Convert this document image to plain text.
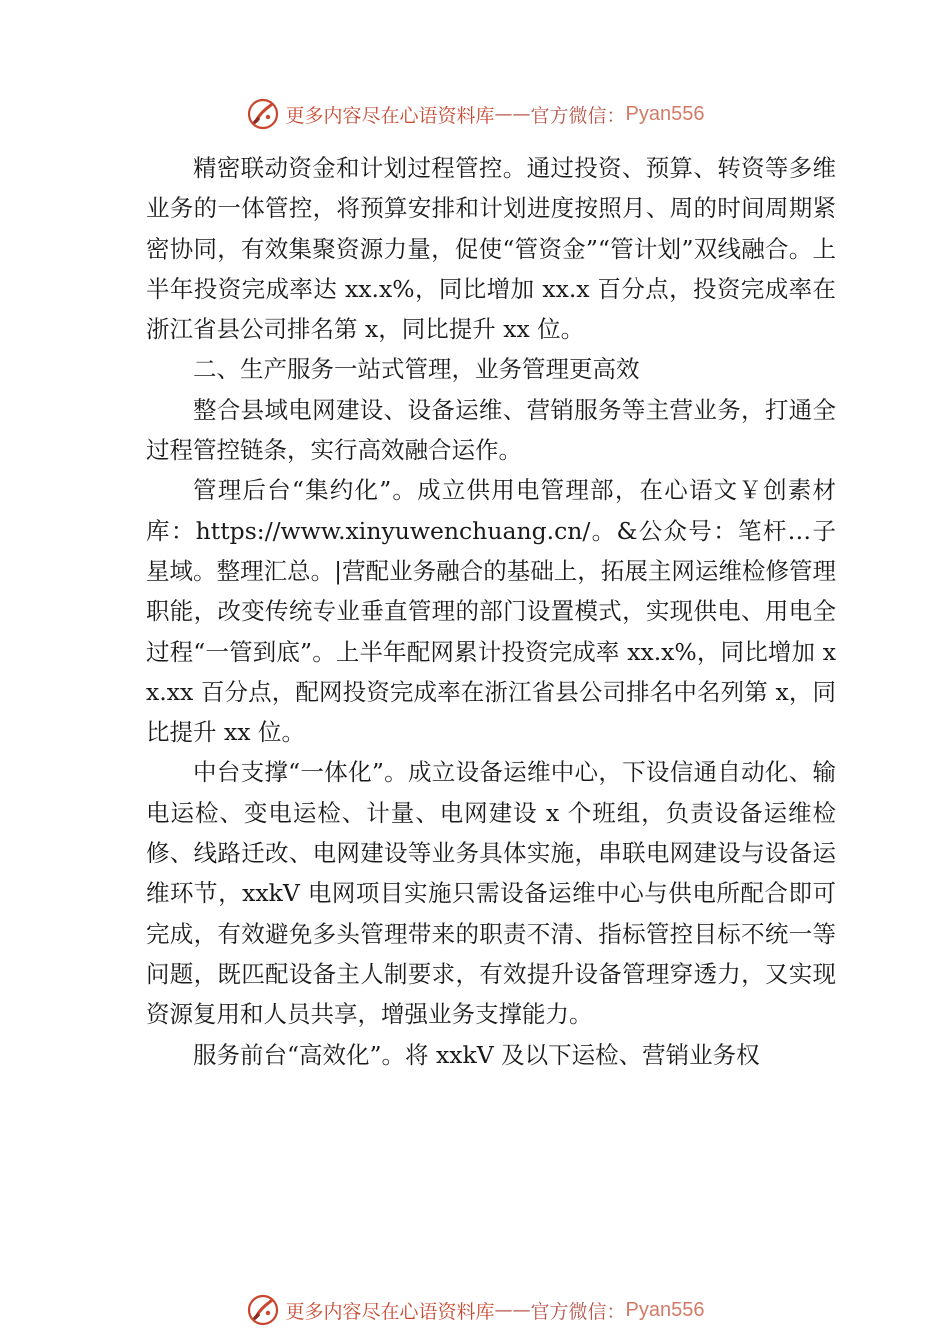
更多内容尽在心语资料库 —— 官方微信： Pyan556

精密联动资金和计划过程管控。通过投资、预算、转资等多维业务的一体管控，将预算安排和计划进度按照月、周的时间周期紧密协同，有效集聚资源力量，促使“管资金”“管计划”双线融合。上半年投资完成率达 xx.x%，同比增加 xx.x 百分点，投资完成率在浙江省县公司排名第 x，同比提升 xx 位。

二、生产服务一站式管理，业务管理更高效

整合县域电网建设、设备运维、营销服务等主营业务，打通全过程管控链条，实行高效融合运作。

管理后台“集约化”。成立供用电管理部，在心语文￥创素材库：https://www.xinyuwenchuang.cn/。&公众号：笔杆…子星域。整理汇总。|营配业务融合的基础上，拓展主网运维检修管理职能，改变传统专业垂直管理的部门设置模式，实现供电、用电全过程“一管到底”。上半年配网累计投资完成率 xx.x%，同比增加 xx.xx 百分点，配网投资完成率在浙江省县公司排名中名列第 x，同比提升 xx 位。

中台支撑“一体化”。成立设备运维中心，下设信通自动化、输电运检、变电运检、计量、电网建设 x 个班组，负责设备运维检修、线路迁改、电网建设等业务具体实施，串联电网建设与设备运维环节，xxkV 电网项目实施只需设备运维中心与供电所配合即可完成，有效避免多头管理带来的职责不清、指标管控目标不统一等问题，既匹配设备主人制要求，有效提升设备管理穿透力，又实现资源复用和人员共享，增强业务支撑能力。

服务前台“高效化”。将 xxkV 及以下运检、营销业务权

更多内容尽在心语资料库 —— 官方微信： Pyan556
